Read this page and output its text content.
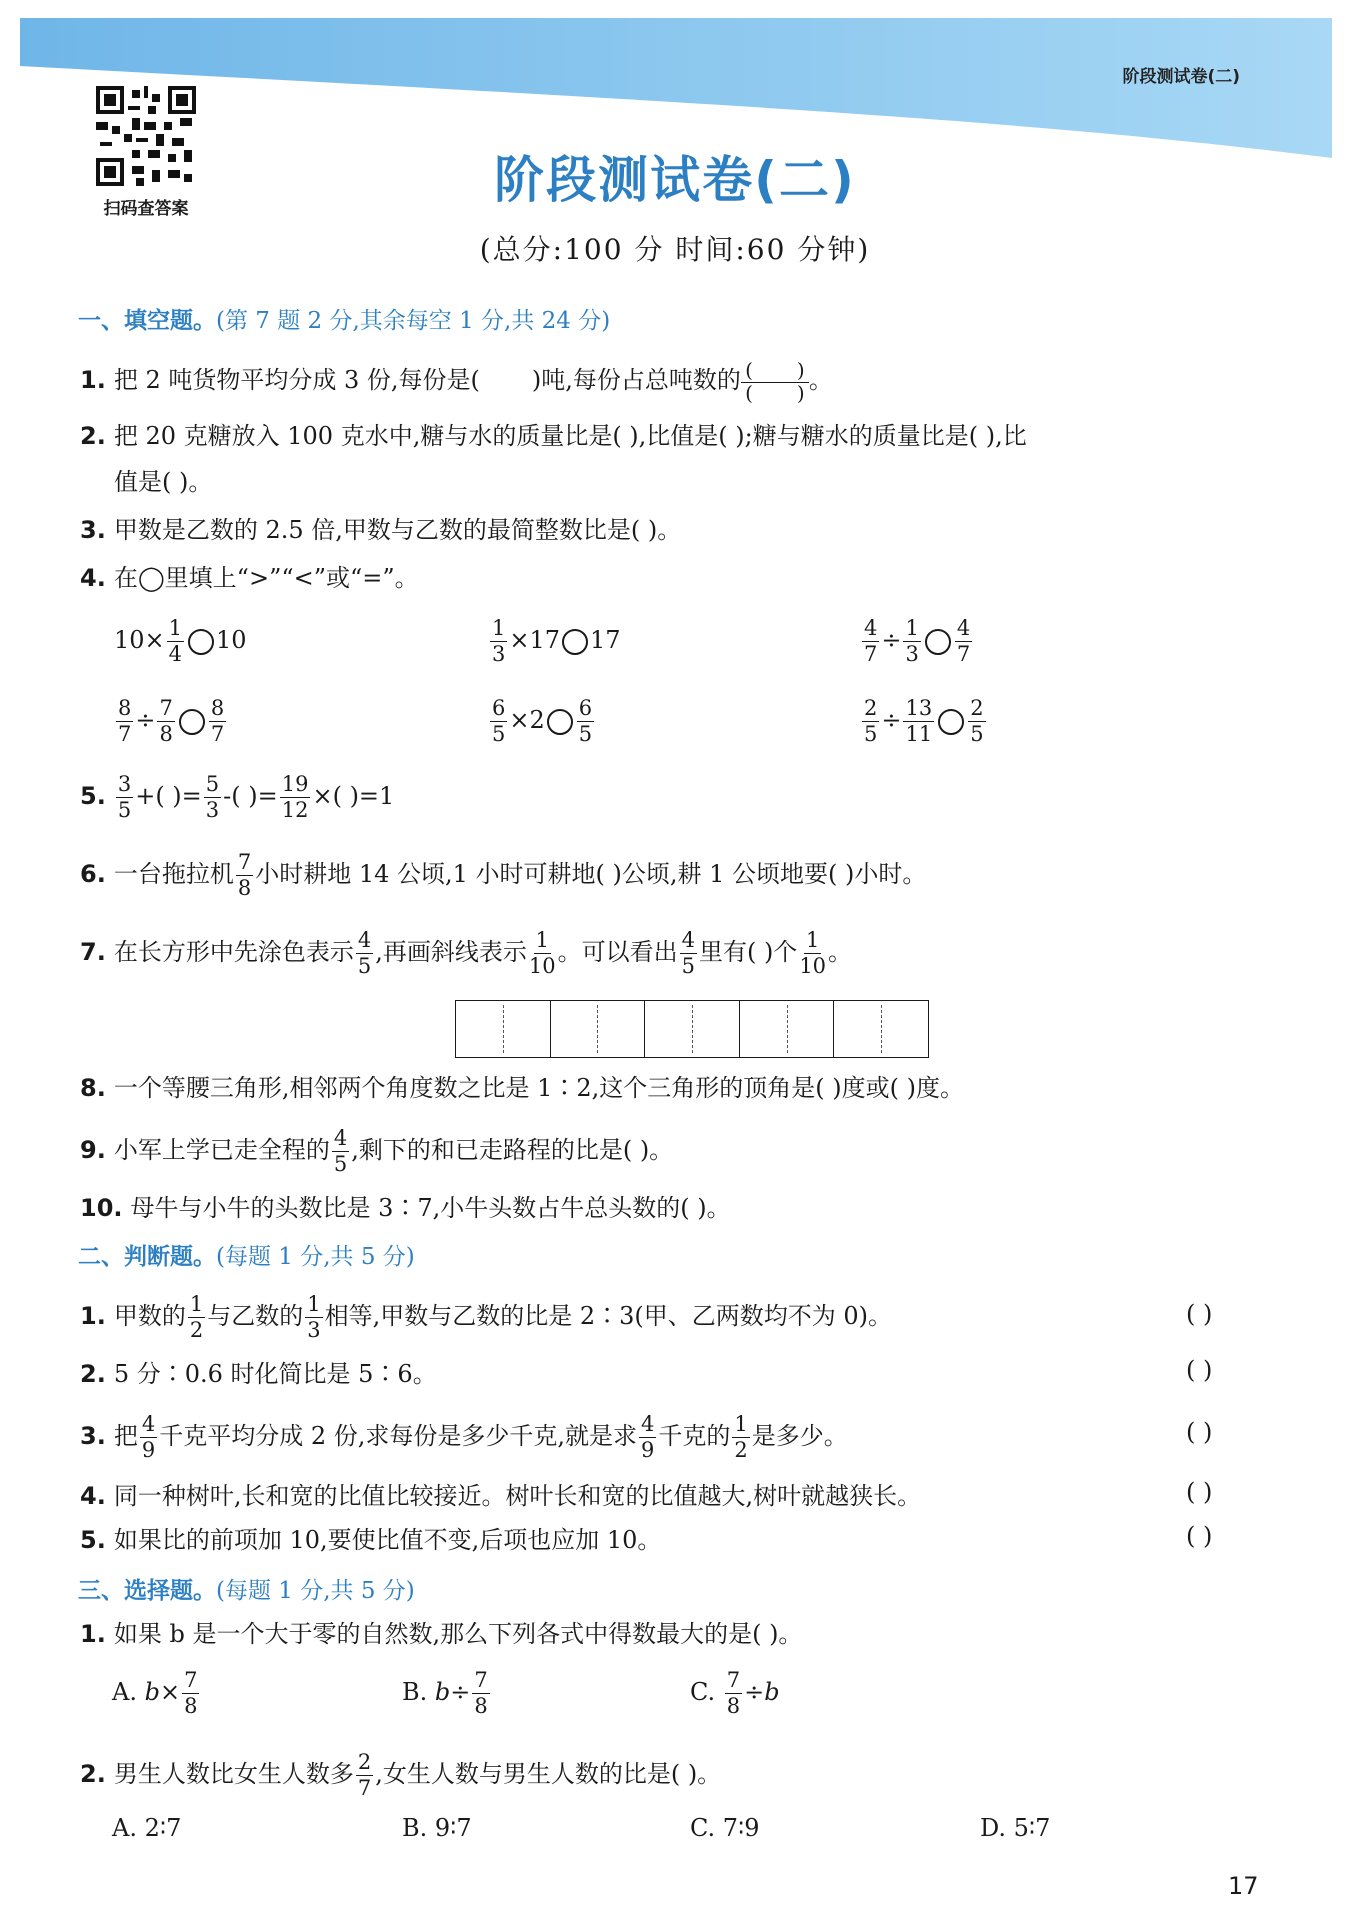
阶段测试卷(二)
扫码查答案	阶段测试卷(二)
(总分:100 分 时间:60 分钟)
一、填空题。(第 7 题 2 分,其余每空 1 分,共 24 分)
1. 把 2 吨货物平均分成 3 份,每份是( )吨,每份占总吨数的 ( )
( ) 。
2. 把 20 克糖放入 100 克水中,糖与水的质量比是( ),比值是( );糖与糖水的质量比是( ),比
值是( )。
3. 甲数是乙数的 2.5 倍,甲数与乙数的最简整数比是( )。
4. 在◯里填上“>”“<”或“=”。
$10\times \frac{1}{4} 10$	$\frac{1}{3} \times 17$ 17	$\frac{4}{7} \div \frac{1}{3} \frac{4}{7}$
$\frac{8}{7} \div \frac{7}{8} \frac{8}{7}$	$\frac{6}{5} \times 2 \frac{6}{5}$	$\frac{2}{5} \div \frac{13}{11} \frac{2}{5}$
5. $\frac{3}{5}$ +( )= $\frac{5}{3}$ -( )= $\frac{19}{12}$ ×( )=1
6. 一台拖拉机 $\frac{7}{8}$ 小时耕地 14 公顷,1 小时可耕地( )公顷,耕 1 公顷地要( )小时。
7. 在长方形中先涂色表示 $\frac{4}{5}$ ,再画斜线表示 $\frac{1}{10}$ 。可以看出 $\frac{4}{5}$ 里有( )个 $\frac{1}{10}$ 。
8. 一个等腰三角形,相邻两个角度数之比是 1∶2,这个三角形的顶角是( )度或( )度。
9. 小军上学已走全程的 $\frac{4}{5}$ ,剩下的和已走路程的比是( )。
10. 母牛与小牛的头数比是 3∶7,小牛头数占牛总头数的( )。
二、判断题。(每题 1 分,共 5 分)
1. 甲数的 $\frac{1}{2}$ 与乙数的 $\frac{1}{3}$ 相等,甲数与乙数的比是 2∶3(甲、乙两数均不为 0)。	( )
2. 5 分∶0.6 时化简比是 5∶6。	( )
3. 把 $\frac{4}{9}$ 千克平均分成 2 份,求每份是多少千克,就是求 $\frac{4}{9}$ 千克的 $\frac{1}{2}$ 是多少。	( )
4. 同一种树叶,长和宽的比值比较接近。树叶长和宽的比值越大,树叶就越狭长。	( )
5. 如果比的前项加 10,要使比值不变,后项也应加 10。	( )
三、选择题。(每题 1 分,共 5 分)
1. 如果 b 是一个大于零的自然数,那么下列各式中得数最大的是( )。
A. $b\times \frac{7}{8}$	B. $b\div \frac{7}{8}$	C. $\frac{7}{8} \div b$
2. 男生人数比女生人数多 $\frac{2}{7}$ ,女生人数与男生人数的比是( )。
A. 2∶7	B. 9∶7	C. 7∶9	D. 5∶7
17
